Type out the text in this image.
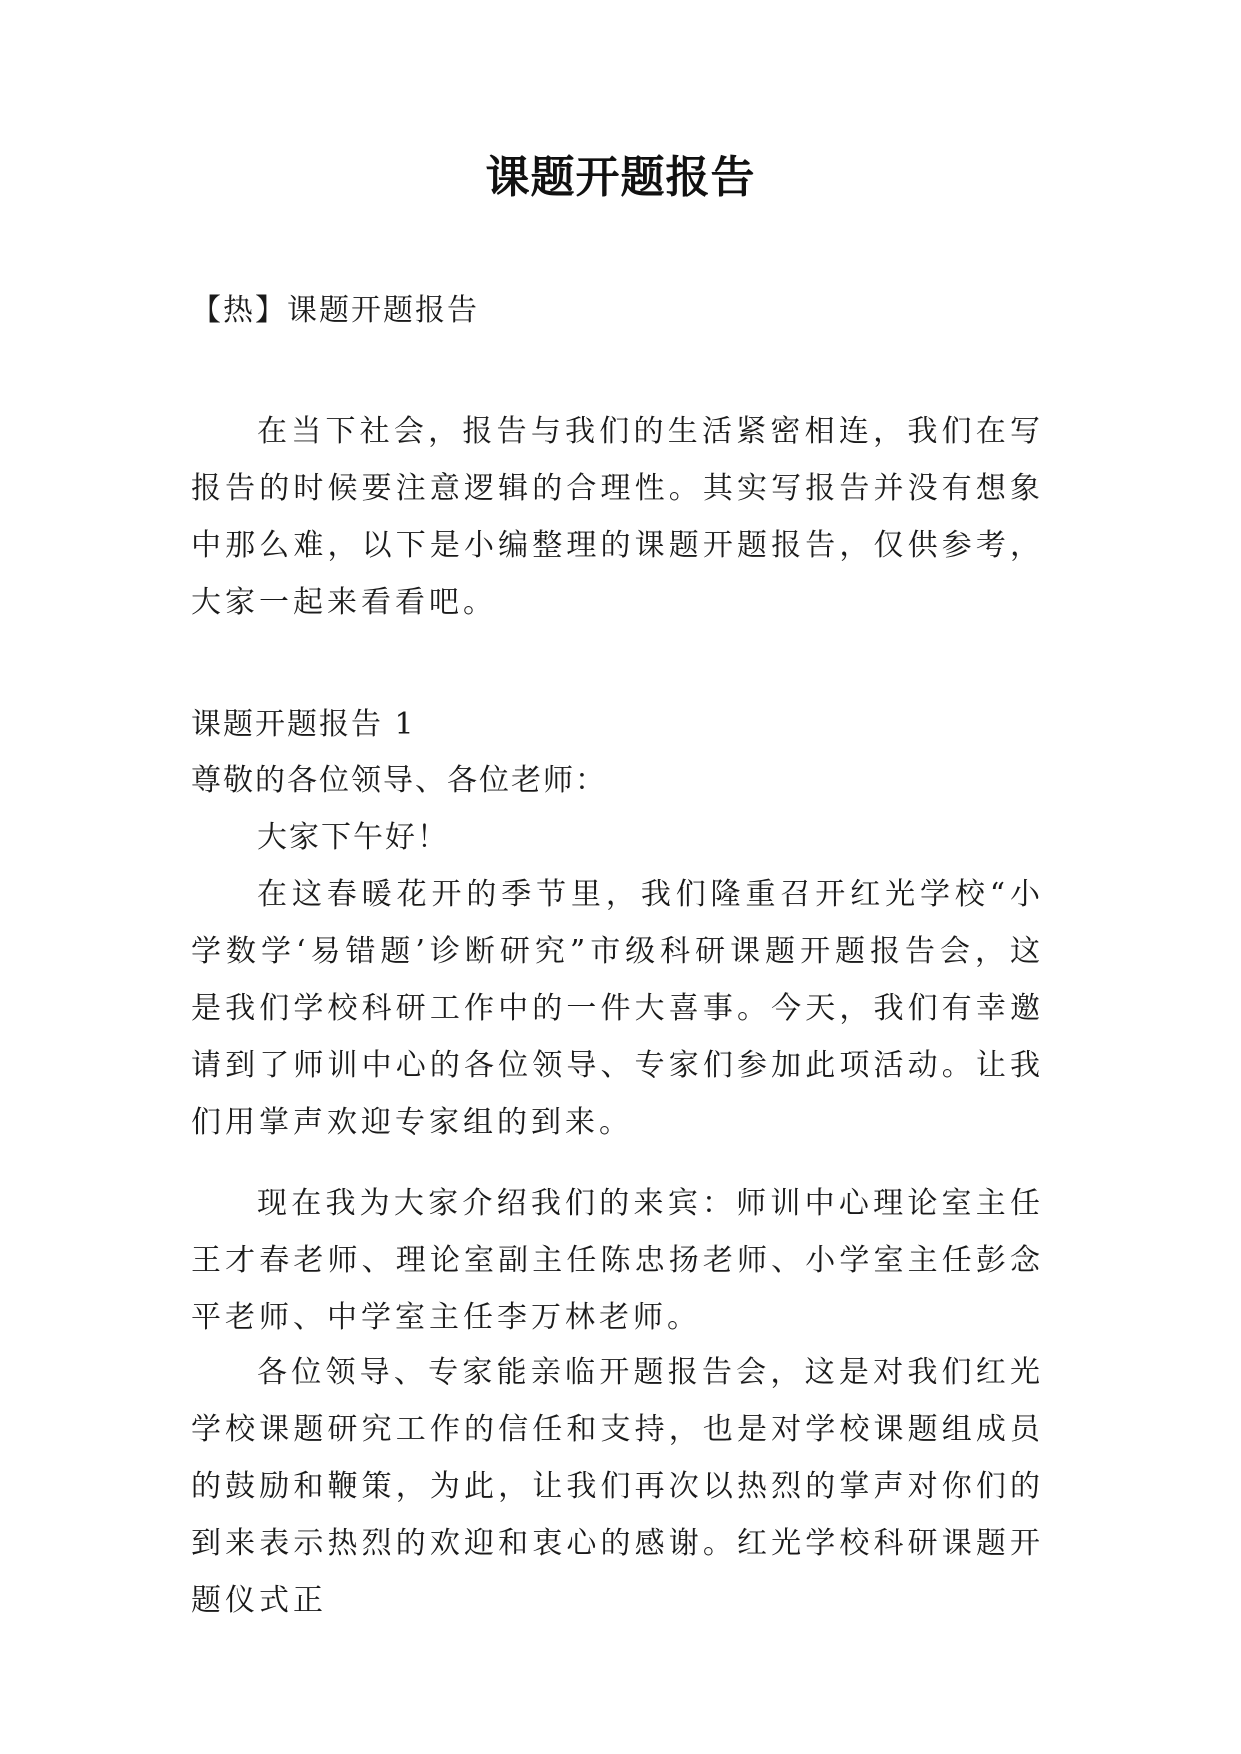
课题开题报告
【热】课题开题报告
在当下社会，报告与我们的生活紧密相连，我们在写报告的时候要注意逻辑的合理性。其实写报告并没有想象中那么难，以下是小编整理的课题开题报告，仅供参考，大家一起来看看吧。
课题开题报告 1
尊敬的各位领导、各位老师：
大家下午好！
在这春暖花开的季节里，我们隆重召开红光学校“小学数学‘易错题’诊断研究”市级科研课题开题报告会，这是我们学校科研工作中的一件大喜事。今天，我们有幸邀请到了师训中心的各位领导、专家们参加此项活动。让我们用掌声欢迎专家组的到来。
现在我为大家介绍我们的来宾：师训中心理论室主任王才春老师、理论室副主任陈忠扬老师、小学室主任彭念平老师、中学室主任李万林老师。
各位领导、专家能亲临开题报告会，这是对我们红光学校课题研究工作的信任和支持，也是对学校课题组成员的鼓励和鞭策，为此，让我们再次以热烈的掌声对你们的到来表示热烈的欢迎和衷心的感谢。红光学校科研课题开题仪式正
